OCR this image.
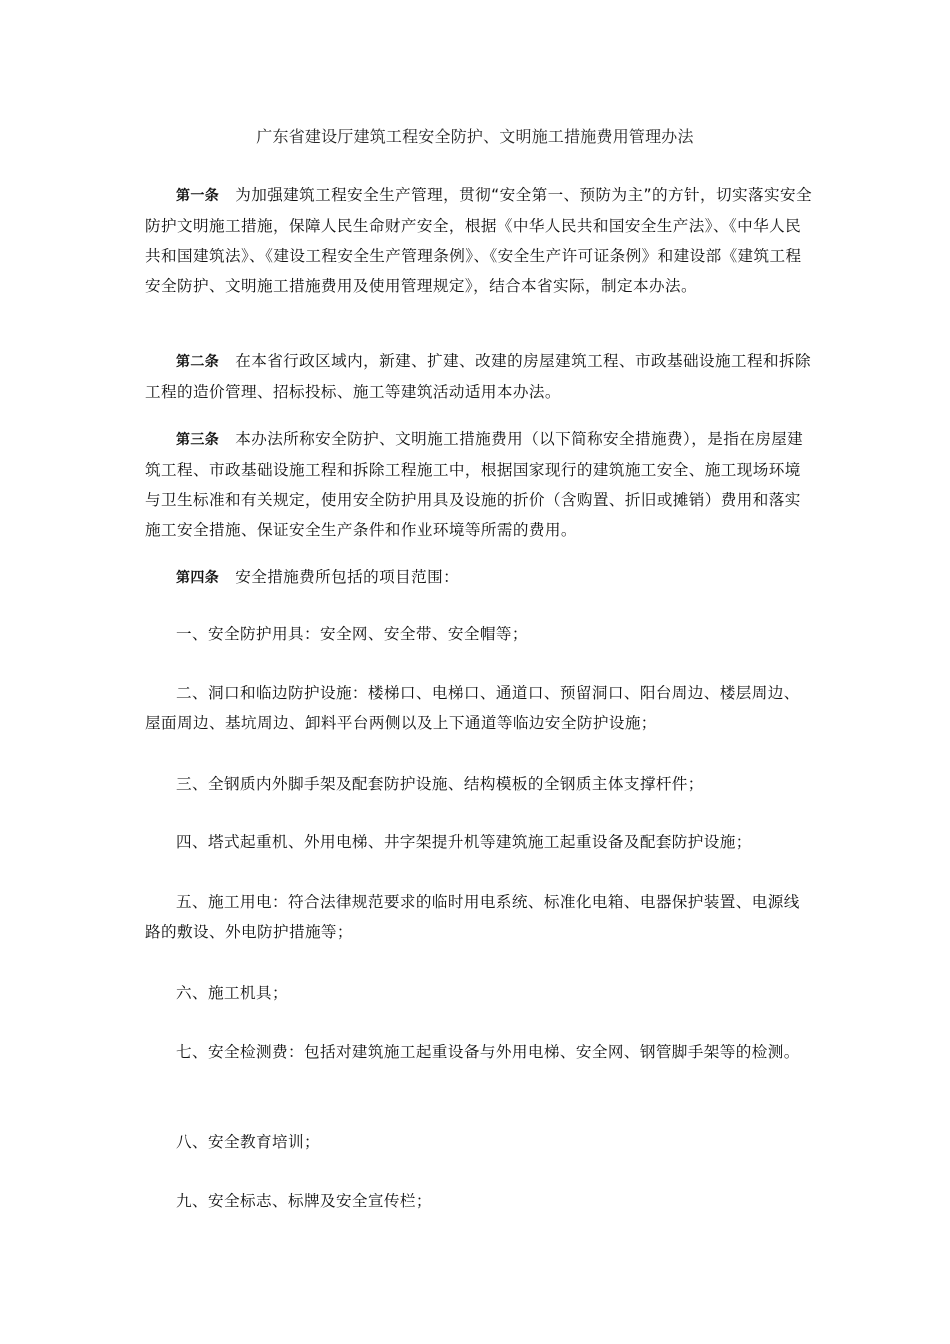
广东省建设厅建筑工程安全防护、文明施工措施费用管理办法

第一条 为加强建筑工程安全生产管理，贯彻“安全第一、预防为主”的方针，切实落实安全防护文明施工措施，保障人民生命财产安全，根据《中华人民共和国安全生产法》、《中华人民共和国建筑法》、《建设工程安全生产管理条例》、《安全生产许可证条例》和建设部《建筑工程安全防护、文明施工措施费用及使用管理规定》，结合本省实际，制定本办法。

第二条 在本省行政区域内，新建、扩建、改建的房屋建筑工程、市政基础设施工程和拆除工程的造价管理、招标投标、施工等建筑活动适用本办法。

第三条 本办法所称安全防护、文明施工措施费用（以下简称安全措施费），是指在房屋建筑工程、市政基础设施工程和拆除工程施工中，根据国家现行的建筑施工安全、施工现场环境与卫生标准和有关规定，使用安全防护用具及设施的折价（含购置、折旧或摊销）费用和落实施工安全措施、保证安全生产条件和作业环境等所需的费用。

第四条 安全措施费所包括的项目范围：

一、安全防护用具：安全网、安全带、安全帽等；

二、洞口和临边防护设施：楼梯口、电梯口、通道口、预留洞口、阳台周边、楼层周边、屋面周边、基坑周边、卸料平台两侧以及上下通道等临边安全防护设施；

三、全钢质内外脚手架及配套防护设施、结构模板的全钢质主体支撑杆件；

四、塔式起重机、外用电梯、井字架提升机等建筑施工起重设备及配套防护设施；

五、施工用电：符合法律规范要求的临时用电系统、标准化电箱、电器保护装置、电源线路的敷设、外电防护措施等；

六、施工机具；

七、安全检测费：包括对建筑施工起重设备与外用电梯、安全网、钢管脚手架等的检测。

八、安全教育培训；

九、安全标志、标牌及安全宣传栏；
